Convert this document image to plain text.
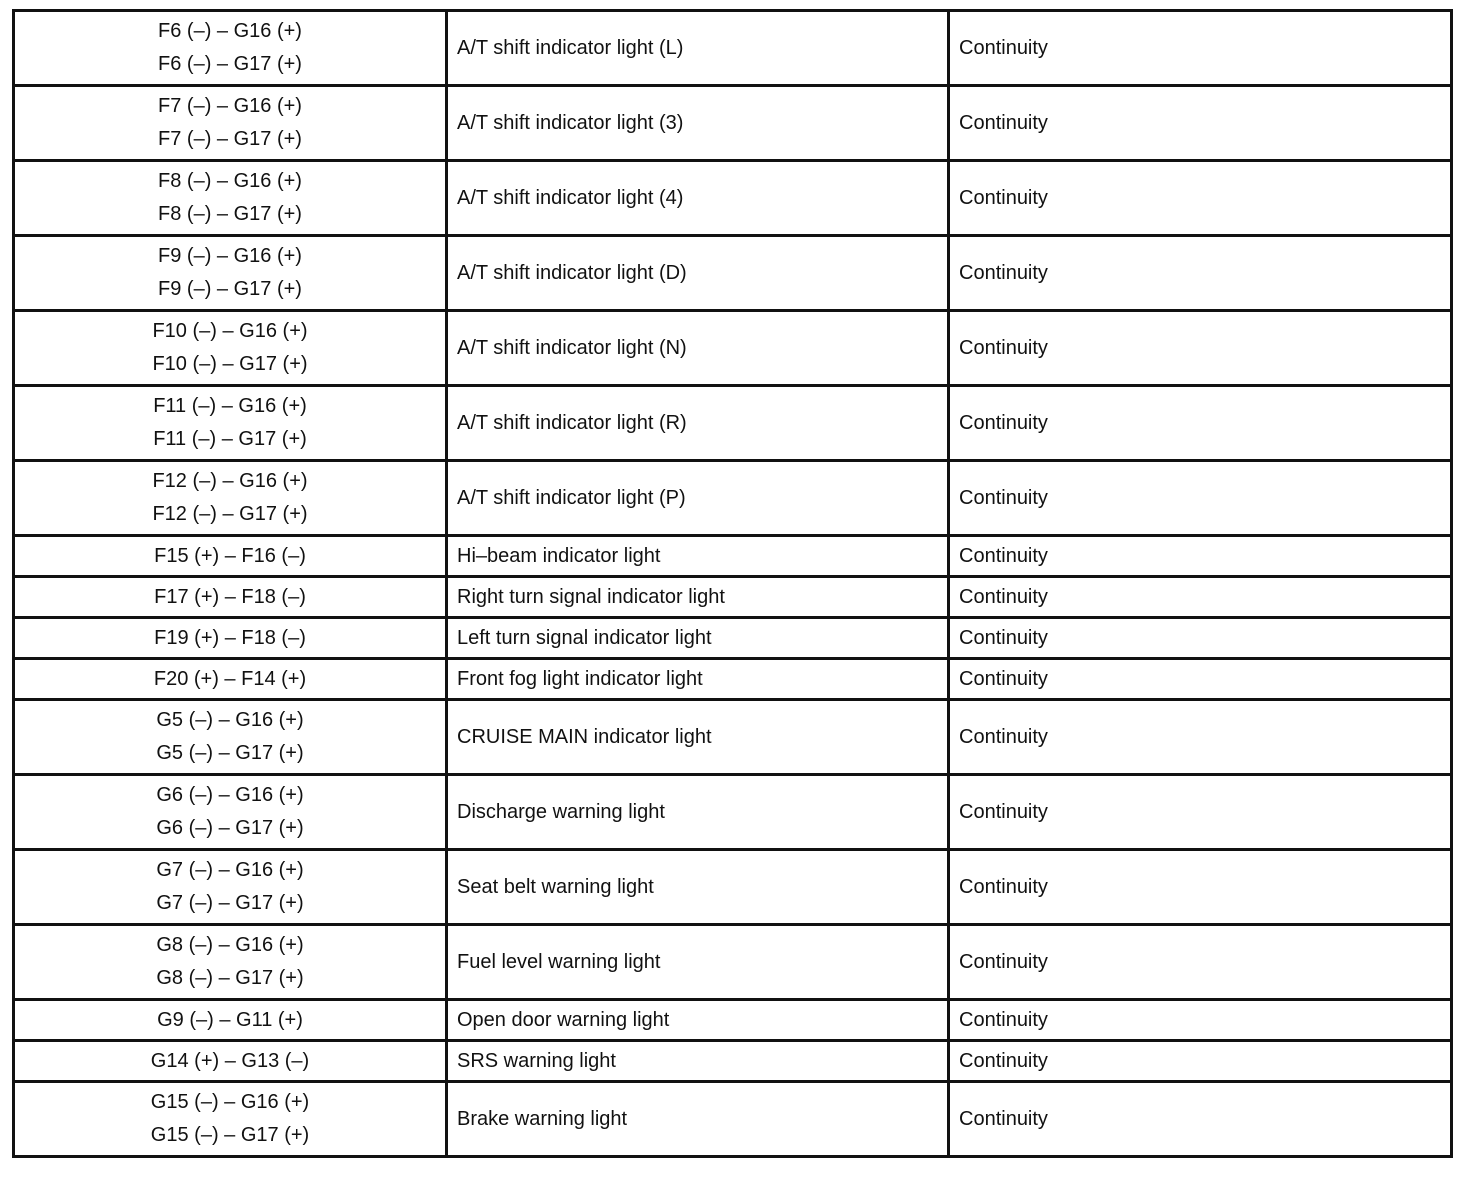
F6 (–) – G16 (+)
F6 (–) – G17 (+)	A/T shift indicator light (L)	Continuity

F7 (–) – G16 (+)
F7 (–) – G17 (+)	A/T shift indicator light (3)	Continuity

F8 (–) – G16 (+)
F8 (–) – G17 (+)	A/T shift indicator light (4)	Continuity

F9 (–) – G16 (+)
F9 (–) – G17 (+)	A/T shift indicator light (D)	Continuity

F10 (–) – G16 (+)
F10 (–) – G17 (+)	A/T shift indicator light (N)	Continuity

F11 (–) – G16 (+)
F11 (–) – G17 (+)	A/T shift indicator light (R)	Continuity

F12 (–) – G16 (+)
F12 (–) – G17 (+)	A/T shift indicator light (P)	Continuity

F15 (+) – F16 (–)	Hi–beam indicator light	Continuity

F17 (+) – F18 (–)	Right turn signal indicator light	Continuity

F19 (+) – F18 (–)	Left turn signal indicator light	Continuity

F20 (+) – F14 (+)	Front fog light indicator light	Continuity

G5 (–) – G16 (+)
G5 (–) – G17 (+)	CRUISE MAIN indicator light	Continuity

G6 (–) – G16 (+)
G6 (–) – G17 (+)	Discharge warning light	Continuity

G7 (–) – G16 (+)
G7 (–) – G17 (+)	Seat belt warning light	Continuity

G8 (–) – G16 (+)
G8 (–) – G17 (+)	Fuel level warning light	Continuity

G9 (–) – G11 (+)	Open door warning light	Continuity

G14 (+) – G13 (–)	SRS warning light	Continuity

G15 (–) – G16 (+)
G15 (–) – G17 (+)	Brake warning light	Continuity
